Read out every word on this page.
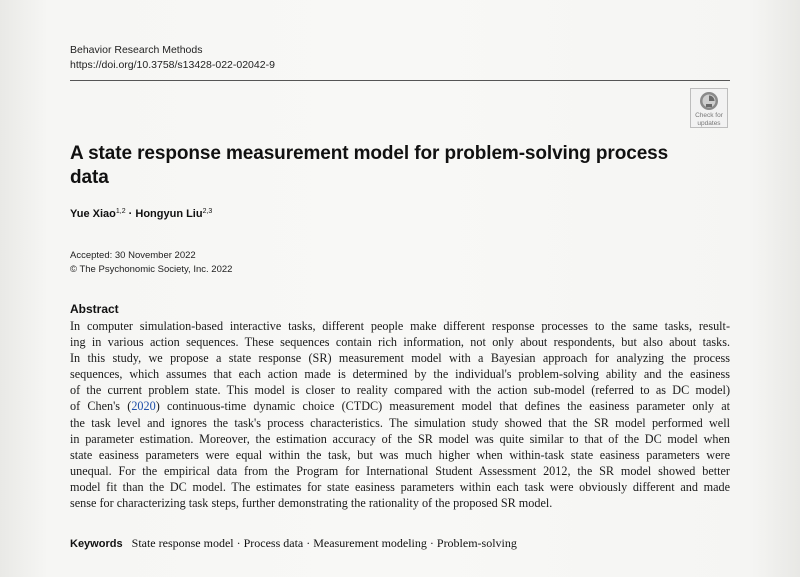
Behavior Research Methods
https://doi.org/10.3758/s13428-022-02042-9
Check for
updates
A state response measurement model for problem-solving process data
Yue Xiao$^{1,2}$ · Hongyun Liu$^{2,3}$
Accepted: 30 November 2022
© The Psychonomic Society, Inc. 2022
Abstract
In computer simulation-based interactive tasks, different people make different response processes to the same tasks, result-
ing in various action sequences. These sequences contain rich information, not only about respondents, but also about tasks.
In this study, we propose a state response (SR) measurement model with a Bayesian approach for analyzing the process
sequences, which assumes that each action made is determined by the individual's problem-solving ability and the easiness
of the current problem state. This model is closer to reality compared with the action sub-model (referred to as DC model)
of Chen's (2020) continuous-time dynamic choice (CTDC) measurement model that defines the easiness parameter only at
the task level and ignores the task's process characteristics. The simulation study showed that the SR model performed well
in parameter estimation. Moreover, the estimation accuracy of the SR model was quite similar to that of the DC model when
state easiness parameters were equal within the task, but was much higher when within-task state easiness parameters were
unequal. For the empirical data from the Program for International Student Assessment 2012, the SR model showed better
model fit than the DC model. The estimates for state easiness parameters within each task were obviously different and made
sense for characterizing task steps, further demonstrating the rationality of the proposed SR model.
Keywords State response model · Process data · Measurement modeling · Problem-solving
